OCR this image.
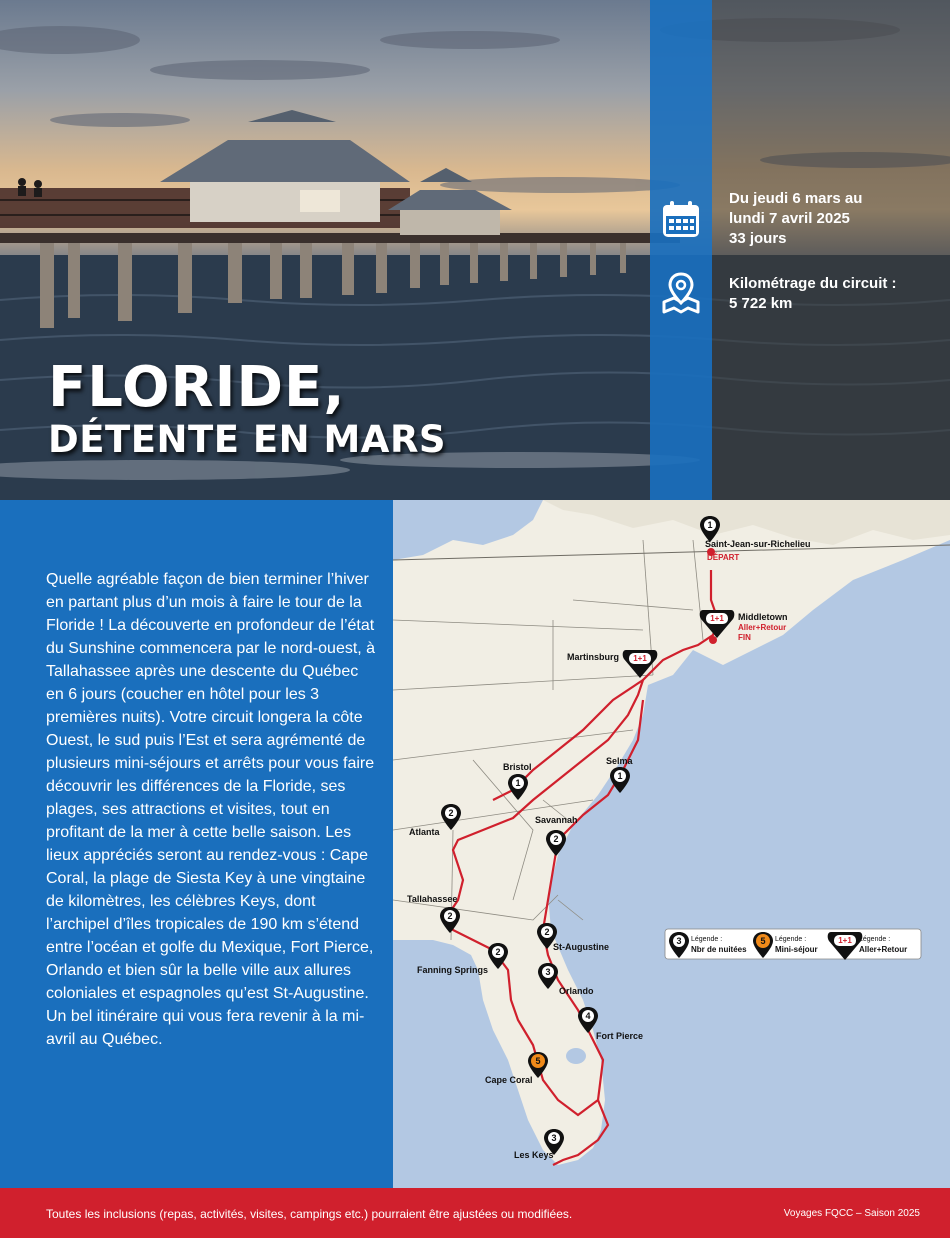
Du jeudi 6 mars au
lundi 7 avril 2025
33 jours
Kilométrage du circuit :
5 722 km
FLORIDE,
DÉTENTE EN MARS
Quelle agréable façon de bien terminer l’hiver en partant plus d’un mois à faire le tour de la Floride ! La découverte en profondeur de l’état du Sunshine commencera par le nord-ouest, à Tallahassee après une descente du Québec en 6 jours (coucher en hôtel pour les 3 premières nuits). Votre circuit longera la côte Ouest, le sud puis l’Est et sera agrémenté de plusieurs mini-séjours et arrêts pour vous faire découvrir les différences de la Floride, ses plages, ses attractions et visites, tout en profitant de la mer à cette belle saison. Les lieux appréciés seront au rendez-vous : Cape Coral, la plage de Siesta Key à une vingtaine de kilomètres, les célèbres Keys, dont l’archipel d’îles tropicales de 190 km s’étend entre l’océan et golfe du Mexique, Fort Pierce, Orlando et bien sûr la belle ville aux allures coloniales et espagnoles qu’est St-Augustine. Un bel itinéraire qui vous fera revenir à la mi-avril au Québec.
1
Saint-Jean-sur-Richelieu
DÉPART
1+1 Middletown
Aller+Retour
FIN
1+1
Martinsburg
1
Bristol
1
Selma
2
Atlanta
2
Savannah
2
Tallahassee
2
St-Augustine
2
Fanning Springs	3
Orlando
4
Fort Pierce
5
Cape Coral
3
Les Keys
3 Légende :
Nbr de nuitées
5 Légende :
Mini-séjour
1+1 Légende :
Aller+Retour
Toutes les inclusions (repas, activités, visites, campings etc.) pourraient être ajustées ou modifiées.	Voyages FQCC – Saison 2025
